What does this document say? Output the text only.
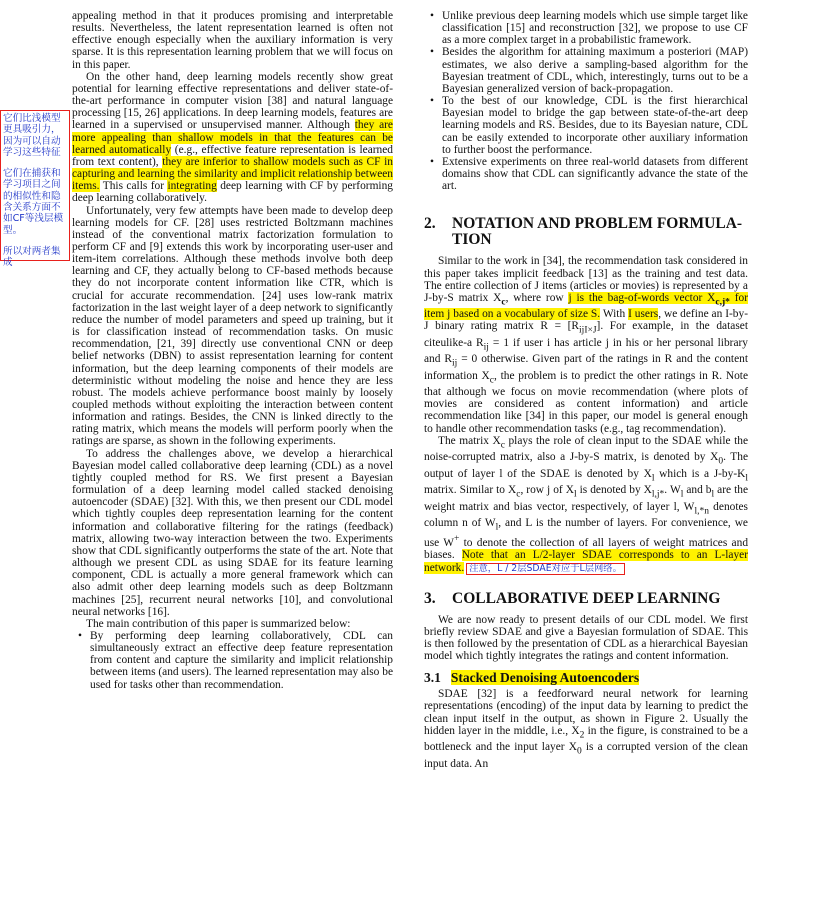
appealing method in that it produces promising and interpretable results. Nevertheless, the latent representation learned is often not effective enough especially when the auxiliary information is very sparse. It is this representation learning problem that we will focus on in this paper.

On the other hand, deep learning models recently show great potential for learning effective representations and deliver state-of-the-art performance in computer vision [38] and natural language processing [15, 26] applications. In deep learning models, features are learned in a supervised or unsupervised manner. Although they are more appealing than shallow models in that the features can be learned automatically (e.g., effective feature representation is learned from text content), they are inferior to shallow models such as CF in capturing and learning the similarity and implicit relationship between items. This calls for integrating deep learning with CF by performing deep learning collaboratively.

Unfortunately, very few attempts have been made to develop deep learning models for CF. [28] uses restricted Boltzmann machines instead of the conventional matrix factorization formulation to perform CF and [9] extends this work by incorporating user-user and item-item correlations. Although these methods involve both deep learning and CF, they actually belong to CF-based methods because they do not incorporate content information like CTR, which is crucial for accurate recommendation. [24] uses low-rank matrix factorization in the last weight layer of a deep network to significantly reduce the number of model parameters and speed up training, but it is for classification instead of recommendation tasks. On music recommendation, [21, 39] directly use conventional CNN or deep belief networks (DBN) to assist representation learning for content information, but the deep learning components of their models are deterministic without modeling the noise and hence they are less robust. The models achieve performance boost mainly by loosely coupled methods without exploiting the interaction between content information and ratings. Besides, the CNN is linked directly to the rating matrix, which means the models will perform poorly when the ratings are sparse, as shown in the following experiments.

To address the challenges above, we develop a hierarchical Bayesian model called collaborative deep learning (CDL) as a novel tightly coupled method for RS. We first present a Bayesian formulation of a deep learning model called stacked denoising autoencoder (SDAE) [32]. With this, we then present our CDL model which tightly couples deep representation learning for the content information and collaborative filtering for the ratings (feedback) matrix, allowing two-way interaction between the two. Experiments show that CDL significantly outperforms the state of the art. Note that although we present CDL as using SDAE for its feature learning component, CDL is actually a more general framework which can also admit other deep learning models such as deep Boltzmann machines [25], recurrent neural networks [10], and convolutional neural networks [16].

The main contribution of this paper is summarized below:

• By performing deep learning collaboratively, CDL can simultaneously extract an effective deep feature representation from content and capture the similarity and implicit relationship between items (and users). The learned representation may also be used for tasks other than recommendation.

它们比浅模型更具吸引力，因为可以自动学习这些特征

它们在捕获和学习项目之间的相似性和隐含关系方面不如CF等浅层模型。

所以对两者集成

• Unlike previous deep learning models which use simple target like classification [15] and reconstruction [32], we propose to use CF as a more complex target in a probabilistic framework.
• Besides the algorithm for attaining maximum a posteriori (MAP) estimates, we also derive a sampling-based algorithm for the Bayesian treatment of CDL, which, interestingly, turns out to be a Bayesian generalized version of back-propagation.
• To the best of our knowledge, CDL is the first hierarchical Bayesian model to bridge the gap between state-of-the-art deep learning models and RS. Besides, due to its Bayesian nature, CDL can be easily extended to incorporate other auxiliary information to further boost the performance.
• Extensive experiments on three real-world datasets from different domains show that CDL can significantly advance the state of the art.
2. NOTATION AND PROBLEM FORMULA-
TION

Similar to the work in [34], the recommendation task considered in this paper takes implicit feedback [13] as the training and test data. The entire collection of J items (articles or movies) is represented by a J-by-S matrix $X_c$, where row j is the bag-of-words vector $X_{c,j*}$ for item j based on a vocabulary of size S. With I users, we define an I-by-J binary rating matrix $R = [R_{ijI\times J}]$. For example, in the dataset citeulike-a $R_{ij} = 1$ if user i has article j in his or her personal library and $R_{ij} = 0$ otherwise. Given part of the ratings in R and the content information $X_c$, the problem is to predict the other ratings in R. Note that although we focus on movie recommendation (where plots of movies are considered as content information) and article recommendation like [34] in this paper, our model is general enough to handle other recommendation tasks (e.g., tag recommendation).

The matrix $X_c$ plays the role of clean input to the SDAE while the noise-corrupted matrix, also a J-by-S matrix, is denoted by $X_0$. The output of layer l of the SDAE is denoted by $X_l$ which is a $J-by-K_l$ matrix. Similar to $X_c$, row j of $X_l$ is denoted by $X_{l,j*}$. $W_l$ and $b_l$ are the weight matrix and bias vector, respectively, of layer l, $W_{l,*n}$ denotes column n of $W_l$, and L is the number of layers. For convenience, we use W+ to denote the collection of all layers of weight matrices and biases. Note that an L/2-layer SDAE corresponds to an L-layer network. 注意，L / 2层SDAE对应于L层网络。

3. COLLABORATIVE DEEP LEARNING

We are now ready to present details of our CDL model. We first briefly review SDAE and give a Bayesian formulation of SDAE. This is then followed by the presentation of CDL as a hierarchical Bayesian model which tightly integrates the ratings and content information.

3.1 Stacked Denoising Autoencoders

SDAE [32] is a feedforward neural network for learning representations (encoding) of the input data by learning to predict the clean input itself in the output, as shown in Figure 2. Usually the hidden layer in the middle, i.e., $X_2$ in the figure, is constrained to be a bottleneck and the input layer $X_0$ is a corrupted version of the clean input data. An
